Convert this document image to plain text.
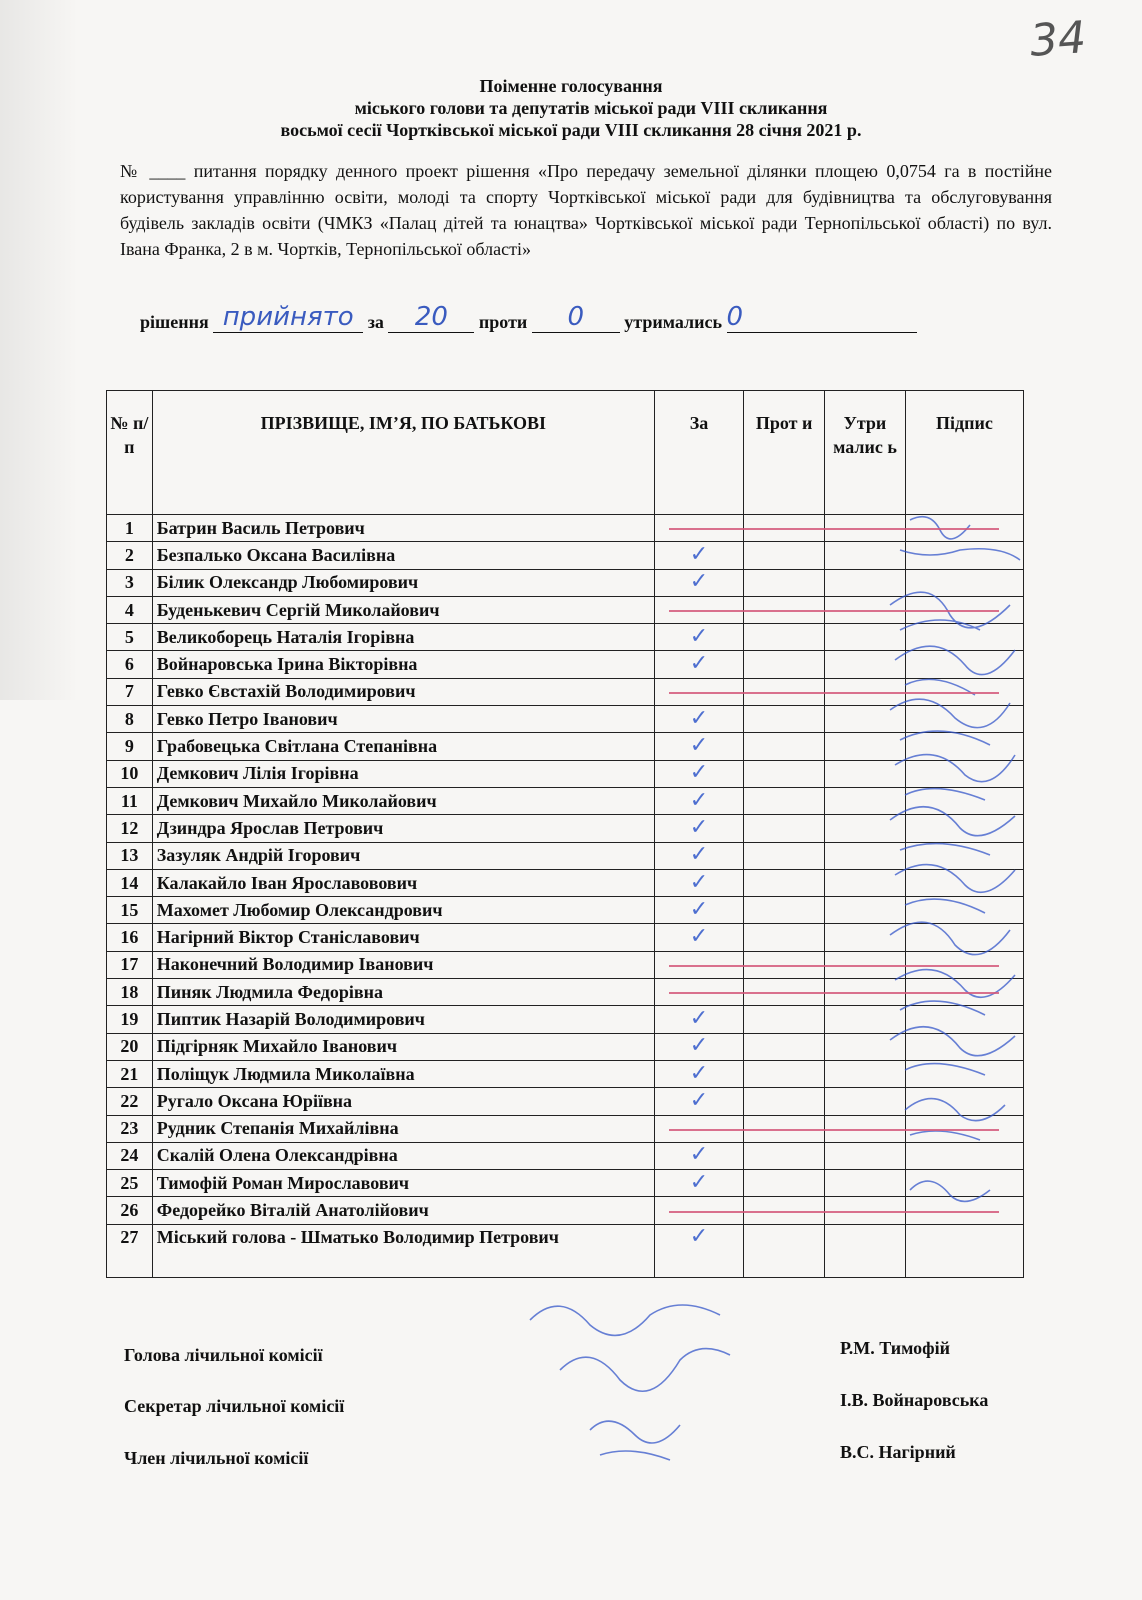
34
Поіменне голосування
міського голови та депутатів міської ради VIII скликання
восьмої сесії Чортківської міської ради VIII скликання 28 січня 2021 р.
№ ____ питання порядку денного проект рішення «Про передачу земельної ділянки площею 0,0754 га в постійне користування управлінню освіти, молоді та спорту Чортківської міської ради для будівництва та обслуговування будівель закладів освіти (ЧМКЗ «Палац дітей та юнацтва» Чортківської міської ради Тернопільської області) по вул. Івана Франка, 2 в м. Чортків, Тернопільської області»
рішення прийнято за 20 проти 0 утримались 0
№ п/п	ПРІЗВИЩЕ, ІМ’Я, ПО БАТЬКОВІ	За	Прот и	Утри малис ь	Підпис
1	Батрин Василь Петрович				
2	Безпалько Оксана Василівна	✓			
3	Білик Олександр Любомирович	✓			
4	Буденькевич Сергій Миколайович				
5	Великоборець Наталія Ігорівна	✓			
6	Войнаровська Ірина Вікторівна	✓			
7	Гевко Євстахій Володимирович				
8	Гевко Петро Іванович	✓			
9	Грабовецька Світлана Степанівна	✓			
10	Демкович Лілія Ігорівна	✓			
11	Демкович Михайло Миколайович	✓			
12	Дзиндра Ярослав Петрович	✓			
13	Зазуляк Андрій Ігорович	✓			
14	Калакайло Іван Ярославовович	✓			
15	Махомет Любомир Олександрович	✓			
16	Нагірний Віктор Станіславович	✓			
17	Наконечний Володимир Іванович				
18	Пиняк Людмила Федорівна				
19	Пиптик Назарій Володимирович	✓			
20	Підгірняк Михайло Іванович	✓			
21	Поліщук Людмила Миколаївна	✓			
22	Ругало Оксана Юріївна	✓			
23	Рудник Степанія Михайлівна				
24	Скалій Олена Олександрівна	✓			
25	Тимофій Роман Мирославович	✓			
26	Федорейко Віталій Анатолійович				
27	Міський голова - Шматько Володимир Петрович	✓			
Голова лічильної комісії	Р.М. Тимофій
Секретар лічильної комісії	І.В. Войнаровська
Член лічильної комісії	В.С. Нагірний
